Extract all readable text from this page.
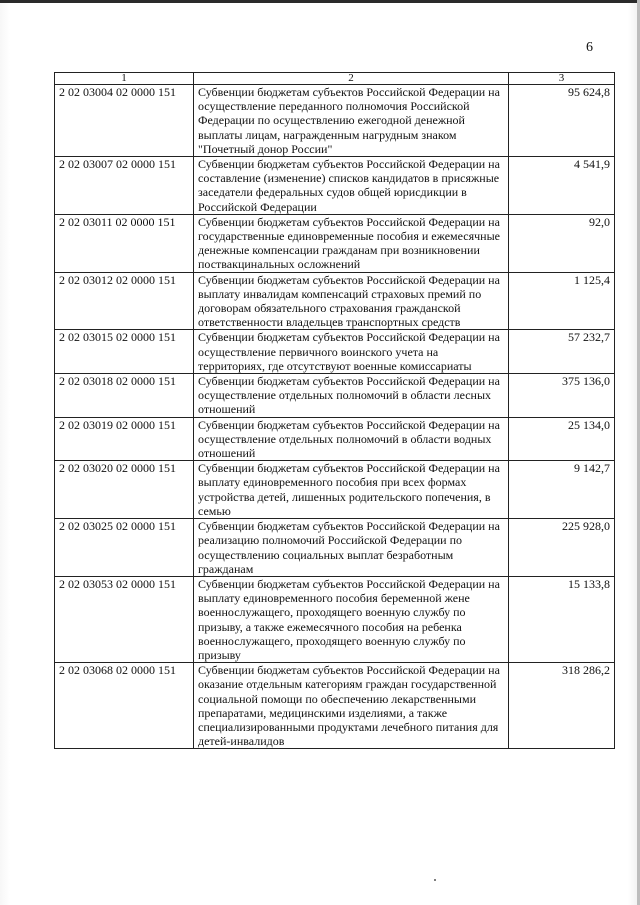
6
1	2	3
2 02 03004 02 0000 151	Субвенции бюджетам субъектов Российской Федерации на осуществление переданного полномочия Российской Федерации по осуществлению ежегодной денежной выплаты лицам, награжденным нагрудным знаком "Почетный донор России"	95 624,8
2 02 03007 02 0000 151	Субвенции бюджетам субъектов Российской Федерации на составление (изменение) списков кандидатов в присяжные заседатели федеральных судов общей юрисдикции в Российской Федерации	4 541,9
2 02 03011 02 0000 151	Субвенции бюджетам субъектов Российской Федерации на государственные единовременные пособия и ежемесячные денежные компенсации гражданам при возникновении поствакцинальных осложнений	92,0
2 02 03012 02 0000 151	Субвенции бюджетам субъектов Российской Федерации на выплату инвалидам компенсаций страховых премий по договорам обязательного страхования гражданской ответственности владельцев транспортных средств	1 125,4
2 02 03015 02 0000 151	Субвенции бюджетам субъектов Российской Федерации на осуществление первичного воинского учета на территориях, где отсутствуют военные комиссариаты	57 232,7
2 02 03018 02 0000 151	Субвенции бюджетам субъектов Российской Федерации на осуществление отдельных полномочий в области лесных отношений	375 136,0
2 02 03019 02 0000 151	Субвенции бюджетам субъектов Российской Федерации на осуществление отдельных полномочий в области водных отношений	25 134,0
2 02 03020 02 0000 151	Субвенции бюджетам субъектов Российской Федерации на выплату единовременного пособия при всех формах устройства детей, лишенных родительского попечения, в семью	9 142,7
2 02 03025 02 0000 151	Субвенции бюджетам субъектов Российской Федерации на реализацию полномочий Российской Федерации по осуществлению социальных выплат безработным гражданам	225 928,0
2 02 03053 02 0000 151	Субвенции бюджетам субъектов Российской Федерации на выплату единовременного пособия беременной жене военнослужащего, проходящего военную службу по призыву, а также ежемесячного пособия на ребенка военнослужащего, проходящего военную службу по призыву	15 133,8
2 02 03068 02 0000 151	Субвенции бюджетам субъектов Российской Федерации на оказание отдельным категориям граждан государственной социальной помощи по обеспечению лекарственными препаратами, медицинскими изделиями, а также специализированными продуктами лечебного питания для детей-инвалидов	318 286,2
